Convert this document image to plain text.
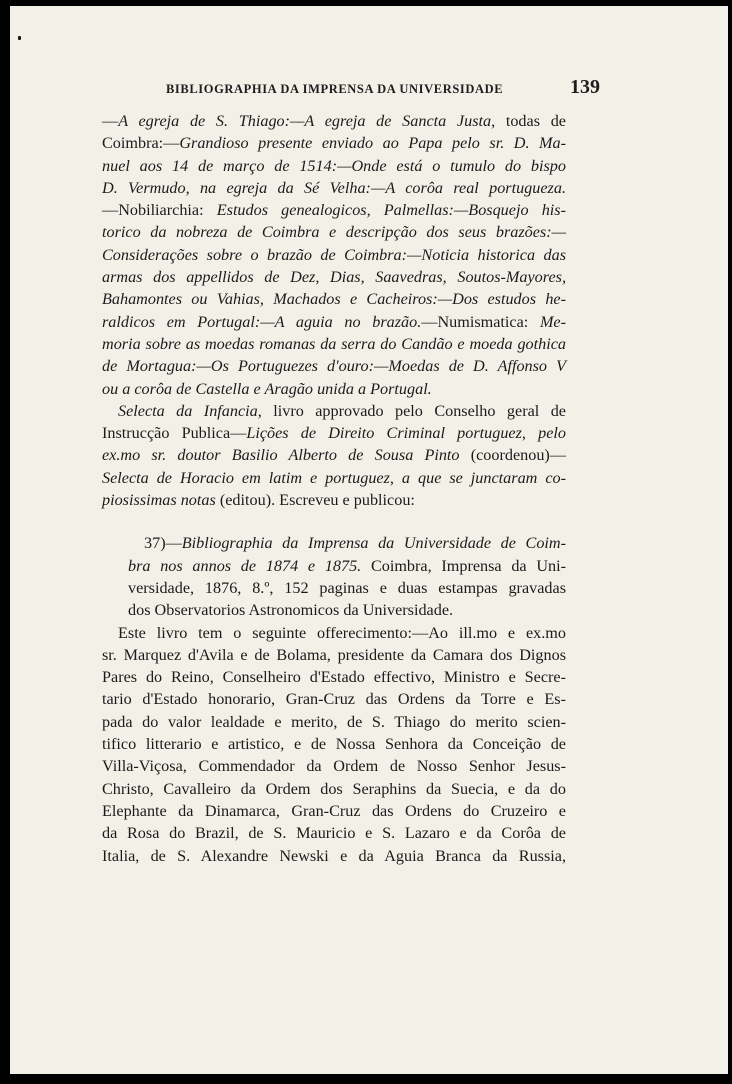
BIBLIOGRAPHIA DA IMPRENSA DA UNIVERSIDADE	139
—A egreja de S. Thiago:—A egreja de Sancta Justa, todas de
Coimbra:—Grandioso presente enviado ao Papa pelo sr. D. Ma-
nuel aos 14 de março de 1514:—Onde está o tumulo do bispo
D. Vermudo, na egreja da Sé Velha:—A corôa real portugueza.
—Nobiliarchia: Estudos genealogicos, Palmellas:—Bosquejo his-
torico da nobreza de Coimbra e descripção dos seus brazões:—
Considerações sobre o brazão de Coimbra:—Noticia historica das
armas dos appellidos de Dez, Dias, Saavedras, Soutos-Mayores,
Bahamontes ou Vahias, Machados e Cacheiros:—Dos estudos he-
raldicos em Portugal:—A aguia no brazão.—Numismatica: Me-
moria sobre as moedas romanas da serra do Candão e moeda gothica
de Mortagua:—Os Portuguezes d'ouro:—Moedas de D. Affonso V
ou a corôa de Castella e Aragão unida a Portugal.
Selecta da Infancia, livro approvado pelo Conselho geral de
Instrucção Publica—Lições de Direito Criminal portuguez, pelo
ex.mo sr. doutor Basilio Alberto de Sousa Pinto (coordenou)—
Selecta de Horacio em latim e portuguez, a que se junctaram co-
piosissimas notas (editou). Escreveu e publicou:
37)—Bibliographia da Imprensa da Universidade de Coim-
bra nos annos de 1874 e 1875. Coimbra, Imprensa da Uni-
versidade, 1876, 8.º, 152 paginas e duas estampas gravadas
dos Observatorios Astronomicos da Universidade.
Este livro tem o seguinte offerecimento:—Ao ill.mo e ex.mo
sr. Marquez d'Avila e de Bolama, presidente da Camara dos Dignos
Pares do Reino, Conselheiro d'Estado effectivo, Ministro e Secre-
tario d'Estado honorario, Gran-Cruz das Ordens da Torre e Es-
pada do valor lealdade e merito, de S. Thiago do merito scien-
tifico litterario e artistico, e de Nossa Senhora da Conceição de
Villa-Viçosa, Commendador da Ordem de Nosso Senhor Jesus-
Christo, Cavalleiro da Ordem dos Seraphins da Suecia, e da do
Elephante da Dinamarca, Gran-Cruz das Ordens do Cruzeiro e
da Rosa do Brazil, de S. Mauricio e S. Lazaro e da Corôa de
Italia, de S. Alexandre Newski e da Aguia Branca da Russia,
